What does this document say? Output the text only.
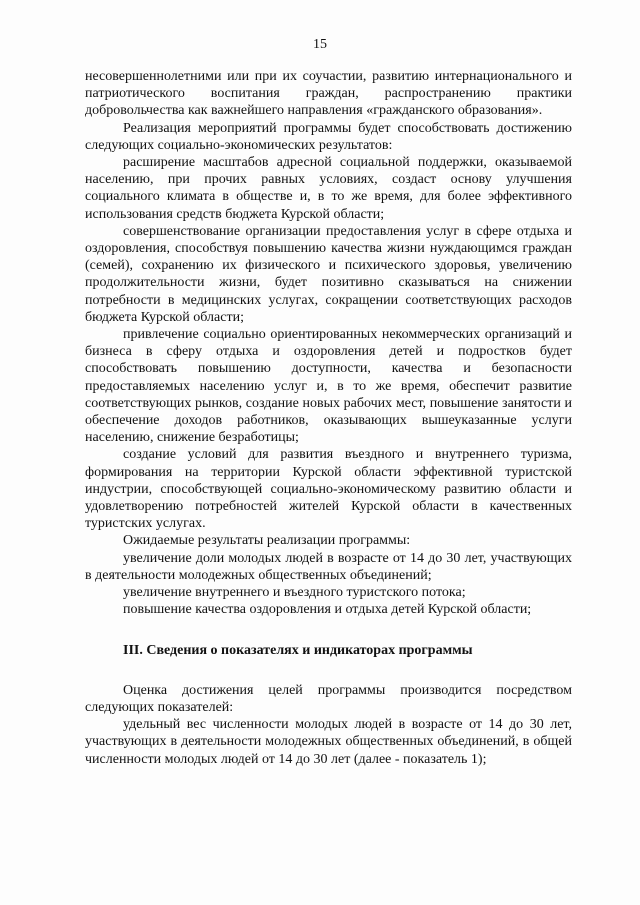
15

несовершеннолетними или при их соучастии, развитию интернационального и патриотического воспитания граждан, распространению практики добровольчества как важнейшего направления «гражданского образования».

Реализация мероприятий программы будет способствовать достижению следующих социально-экономических результатов:

расширение масштабов адресной социальной поддержки, оказываемой населению, при прочих равных условиях, создаст основу улучшения социального климата в обществе и, в то же время, для более эффективного использования средств бюджета Курской области;

совершенствование организации предоставления услуг в сфере отдыха и оздоровления, способствуя повышению качества жизни нуждающимся граждан (семей), сохранению их физического и психического здоровья, увеличению продолжительности жизни, будет позитивно сказываться на снижении потребности в медицинских услугах, сокращении соответствующих расходов бюджета Курской области;

привлечение социально ориентированных некоммерческих организаций и бизнеса в сферу отдыха и оздоровления детей и подростков будет способствовать повышению доступности, качества и безопасности предоставляемых населению услуг и, в то же время, обеспечит развитие соответствующих рынков, создание новых рабочих мест, повышение занятости и обеспечение доходов работников, оказывающих вышеуказанные услуги населению, снижение безработицы;

создание условий для развития въездного и внутреннего туризма, формирования на территории Курской области эффективной туристской индустрии, способствующей социально-экономическому развитию области и удовлетворению потребностей жителей Курской области в качественных туристских услугах.

Ожидаемые результаты реализации программы:

увеличение доли молодых людей в возрасте от 14 до 30 лет, участвующих в деятельности молодежных общественных объединений;

увеличение внутреннего и въездного туристского потока;

повышение качества оздоровления и отдыха детей Курской области;

III. Сведения о показателях и индикаторах программы

Оценка достижения целей программы производится посредством следующих показателей:

удельный вес численности молодых людей в возрасте от 14 до 30 лет, участвующих в деятельности молодежных общественных объединений, в общей численности молодых людей от 14 до 30 лет (далее - показатель 1);
